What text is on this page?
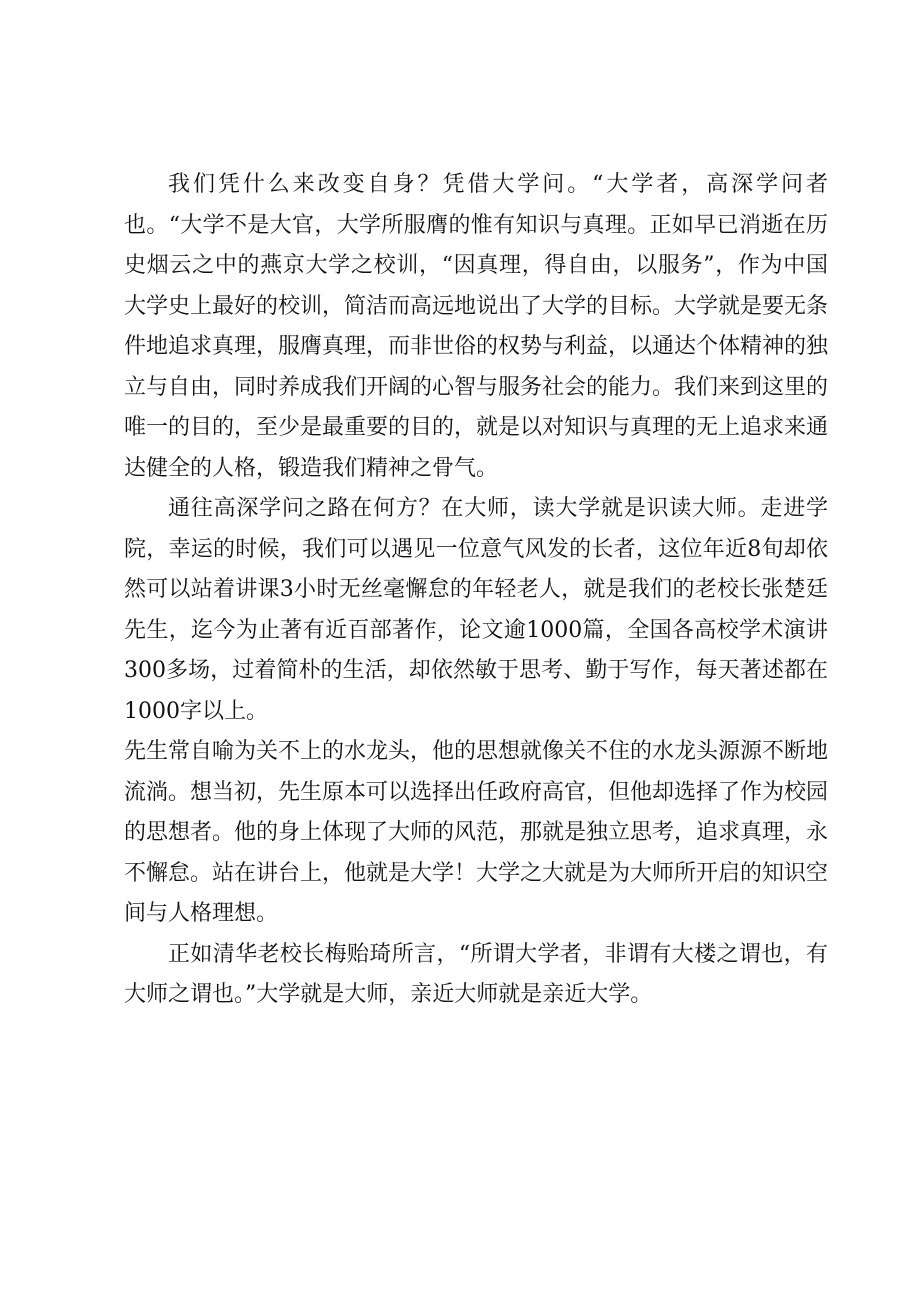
我们凭什么来改变自身？凭借大学问。“大学者，高深学问者也。“大学不是大官，大学所服膺的惟有知识与真理。正如早已消逝在历史烟云之中的燕京大学之校训，“因真理，得自由，以服务”，作为中国大学史上最好的校训，简洁而高远地说出了大学的目标。大学就是要无条件地追求真理，服膺真理，而非世俗的权势与利益，以通达个体精神的独立与自由，同时养成我们开阔的心智与服务社会的能力。我们来到这里的唯一的目的，至少是最重要的目的，就是以对知识与真理的无上追求来通达健全的人格，锻造我们精神之骨气。

通往高深学问之路在何方？在大师，读大学就是识读大师。走进学院，幸运的时候，我们可以遇见一位意气风发的长者，这位年近8旬却依然可以站着讲课3小时无丝毫懈怠的年轻老人，就是我们的老校长张楚廷先生，迄今为止著有近百部著作，论文逾1000篇，全国各高校学术演讲300多场，过着简朴的生活，却依然敏于思考、勤于写作，每天著述都在1000字以上。

先生常自喻为关不上的水龙头，他的思想就像关不住的水龙头源源不断地流淌。想当初，先生原本可以选择出任政府高官，但他却选择了作为校园的思想者。他的身上体现了大师的风范，那就是独立思考，追求真理，永不懈怠。站在讲台上，他就是大学！大学之大就是为大师所开启的知识空间与人格理想。

正如清华老校长梅贻琦所言，“所谓大学者，非谓有大楼之谓也，有大师之谓也。”大学就是大师，亲近大师就是亲近大学。
